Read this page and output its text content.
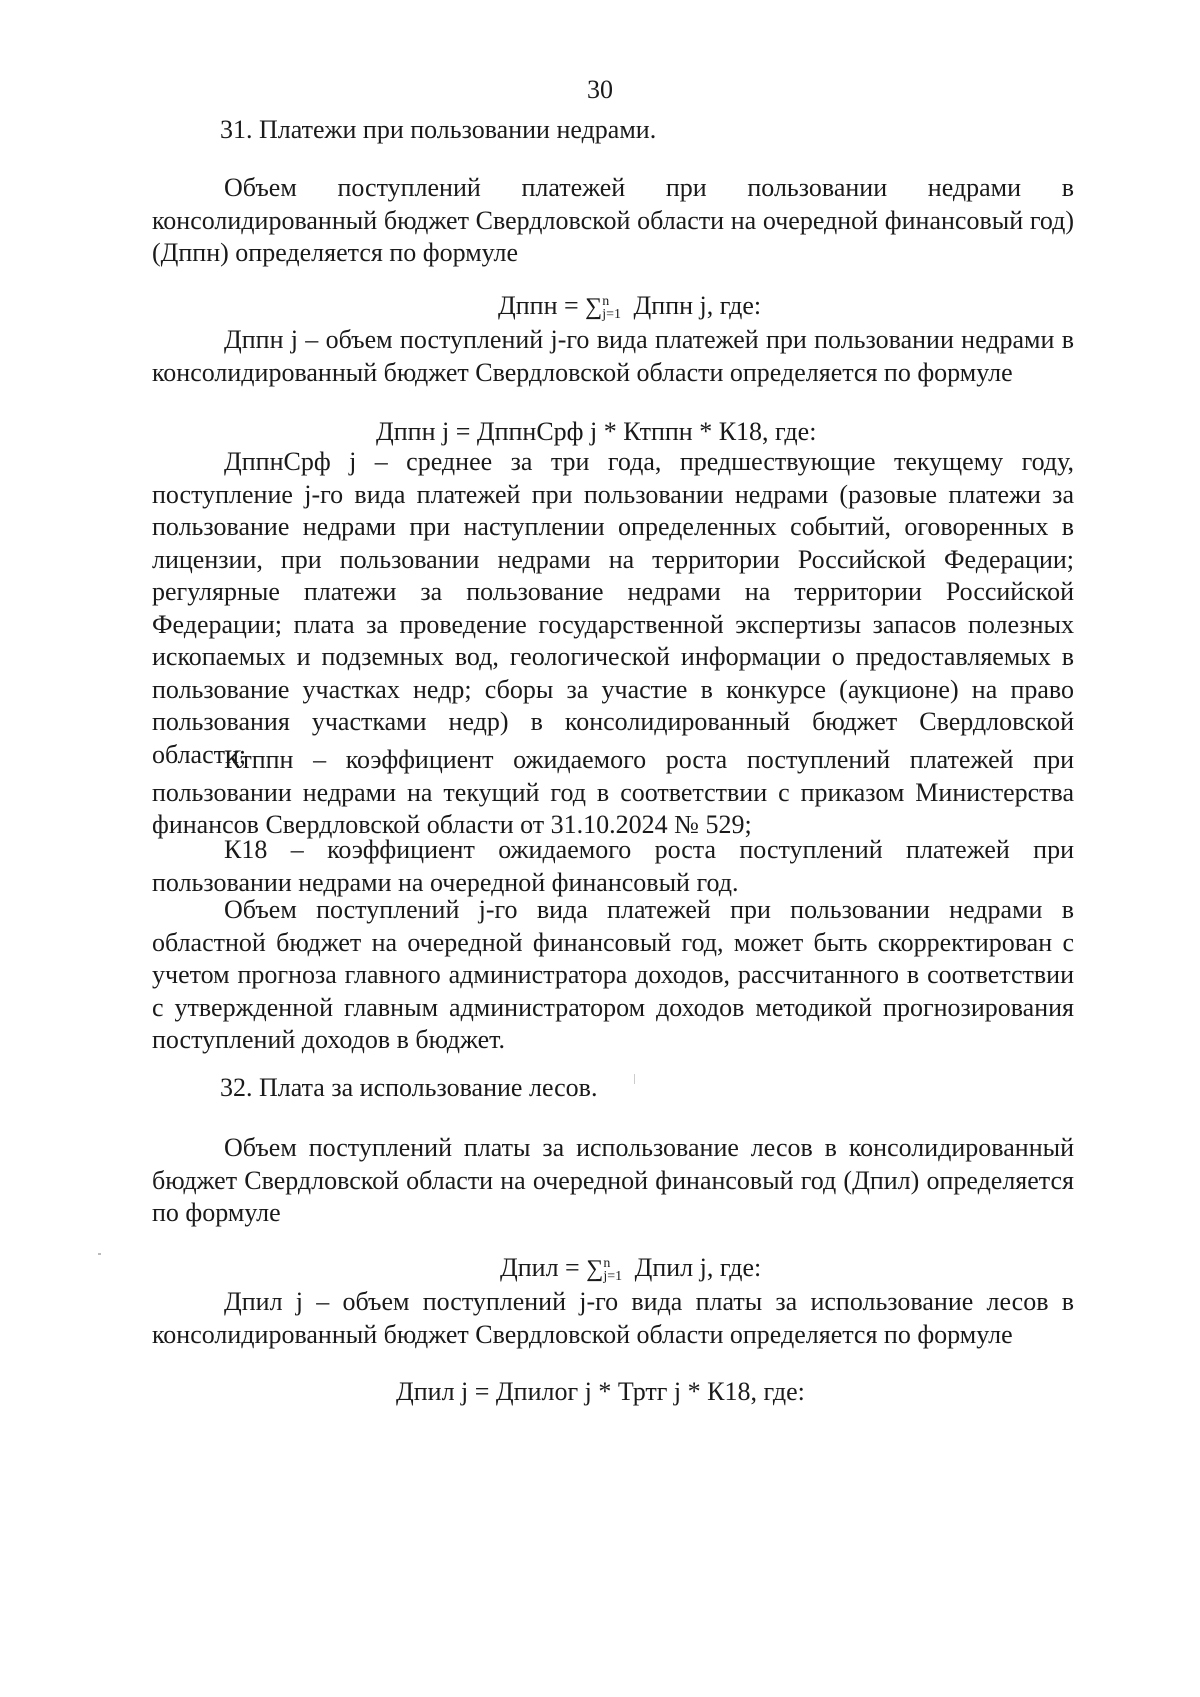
30
31. Платежи при пользовании недрами.
Объем поступлений платежей при пользовании недрами в консолидированный бюджет Свердловской области на очередной финансовый год) (Дппн) определяется по формуле
Дппн = ∑ n
j=1 Дппн j, где:
Дппн j – объем поступлений j-го вида платежей при пользовании недрами в консолидированный бюджет Свердловской области определяется по формуле
Дппн j = ДппнСрф j * Ктппн * К18, где:
ДппнСрф j – среднее за три года, предшествующие текущему году, поступление j-го вида платежей при пользовании недрами (разовые платежи за пользование недрами при наступлении определенных событий, оговоренных в лицензии, при пользовании недрами на территории Российской Федерации; регулярные платежи за пользование недрами на территории Российской Федерации; плата за проведение государственной экспертизы запасов полезных ископаемых и подземных вод, геологической информации о предоставляемых в пользование участках недр; сборы за участие в конкурсе (аукционе) на право пользования участками недр) в консолидированный бюджет Свердловской области;
Ктппн – коэффициент ожидаемого роста поступлений платежей при пользовании недрами на текущий год в соответствии с приказом Министерства финансов Свердловской области от 31.10.2024 № 529;
К18 – коэффициент ожидаемого роста поступлений платежей при пользовании недрами на очередной финансовый год.
Объем поступлений j-го вида платежей при пользовании недрами в областной бюджет на очередной финансовый год, может быть скорректирован с учетом прогноза главного администратора доходов, рассчитанного в соответствии с утвержденной главным администратором доходов методикой прогнозирования поступлений доходов в бюджет.
32. Плата за использование лесов.
Объем поступлений платы за использование лесов в консолидированный бюджет Свердловской области на очередной финансовый год (Дпил) определяется по формуле
Дпил = ∑ n
j=1 Дпил j, где:
Дпил j – объем поступлений j-го вида платы за использование лесов в консолидированный бюджет Свердловской области определяется по формуле
Дпил j = Дпилог j * Тртг j * К18, где:
